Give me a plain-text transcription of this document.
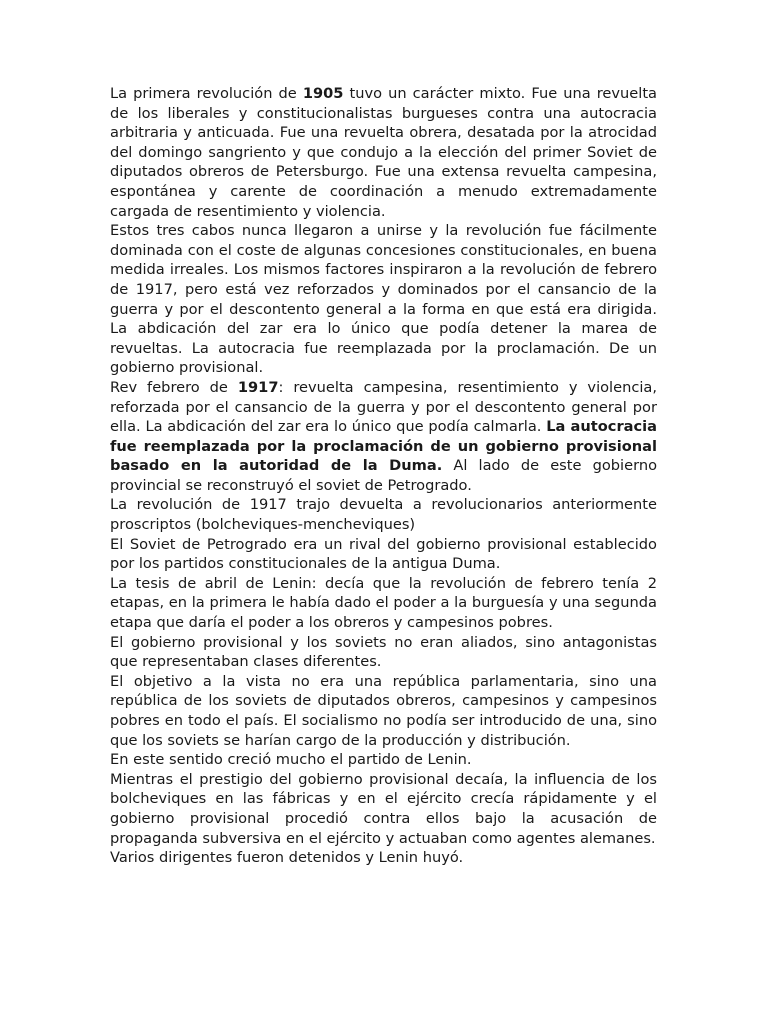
La primera revolución de 1905 tuvo un carácter mixto. Fue una revuelta de los liberales y constitucionalistas burgueses contra una autocracia arbitraria y anticuada. Fue una revuelta obrera, desatada por la atrocidad del domingo sangriento y que condujo a la elección del primer Soviet de diputados obreros de Petersburgo. Fue una extensa revuelta campesina, espontánea y carente de coordinación a menudo extremadamente cargada de resentimiento y violencia.

Estos tres cabos nunca llegaron a unirse y la revolución fue fácilmente dominada con el coste de algunas concesiones constitucionales, en buena medida irreales. Los mismos factores inspiraron a la revolución de febrero de 1917, pero está vez reforzados y dominados por el cansancio de la guerra y por el descontento general a la forma en que está era dirigida. La abdicación del zar era lo único que podía detener la marea de revueltas. La autocracia fue reemplazada por la proclamación. De un gobierno provisional.

Rev febrero de 1917: revuelta campesina, resentimiento y violencia, reforzada por el cansancio de la guerra y por el descontento general por ella. La abdicación del zar era lo único que podía calmarla. La autocracia fue reemplazada por la proclamación de un gobierno provisional basado en la autoridad de la Duma. Al lado de este gobierno provincial se reconstruyó el soviet de Petrogrado.

La revolución de 1917 trajo devuelta a revolucionarios anteriormente proscriptos (bolcheviques-mencheviques)

El Soviet de Petrogrado era un rival del gobierno provisional establecido por los partidos constitucionales de la antigua Duma.

La tesis de abril de Lenin: decía que la revolución de febrero tenía 2 etapas, en la primera le había dado el poder a la burguesía y una segunda etapa que daría el poder a los obreros y campesinos pobres.

El gobierno provisional y los soviets no eran aliados, sino antagonistas que representaban clases diferentes.

El objetivo a la vista no era una república parlamentaria, sino una república de los soviets de diputados obreros, campesinos y campesinos pobres en todo el país. El socialismo no podía ser introducido de una, sino que los soviets se harían cargo de la producción y distribución.

En este sentido creció mucho el partido de Lenin.

Mientras el prestigio del gobierno provisional decaía, la influencia de los bolcheviques en las fábricas y en el ejército crecía rápidamente y el gobierno provisional procedió contra ellos bajo la acusación de propaganda subversiva en el ejército y actuaban como agentes alemanes.

Varios dirigentes fueron detenidos y Lenin huyó.
